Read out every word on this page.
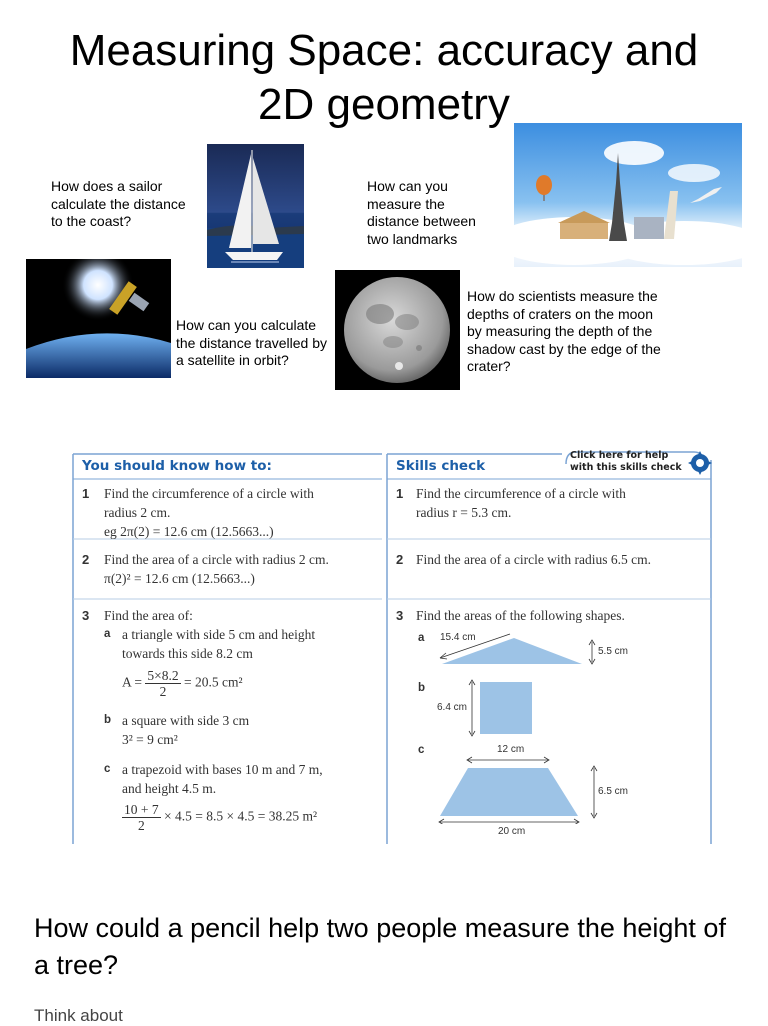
Measuring Space: accuracy and
2D geometry
How does a sailor calculate the distance to the coast?
How can you measure the distance between two landmarks
How can you calculate the distance travelled by a satellite in orbit?
How do scientists measure the depths of craters on the moon by measuring the depth of the shadow cast by the edge of the crater?
You should know how to:
1 Find the circumference of a circle with
radius 2 cm.
eg 2π(2) = 12.6 cm (12.5663...)
2 Find the area of a circle with radius 2 cm.
π(2)² = 12.6 cm (12.5663...)
3 Find the area of:
a a triangle with side 5 cm and height
towards this side 8.2 cm
$A = \frac{5\times 8.2}{2} = 20.5$ cm²
b a square with side 3 cm
3² = 9 cm²
c a trapezoid with bases 10 m and 7 m,
and height 4.5 m.
$\frac{10 + 7}{2} \times 4.5 = 8.5 \times 4.5 = 38.25$ m²
Skills check
Click here for help
with this skills check
1 Find the circumference of a circle with
radius r = 5.3 cm.
2 Find the area of a circle with radius 6.5 cm.
3 Find the areas of the following shapes.
a 15.4 cm
5.5 cm
b
6.4 cm
c	12 cm
6.5 cm
20 cm
How could a pencil help two people measure the height of a tree?
Think about
